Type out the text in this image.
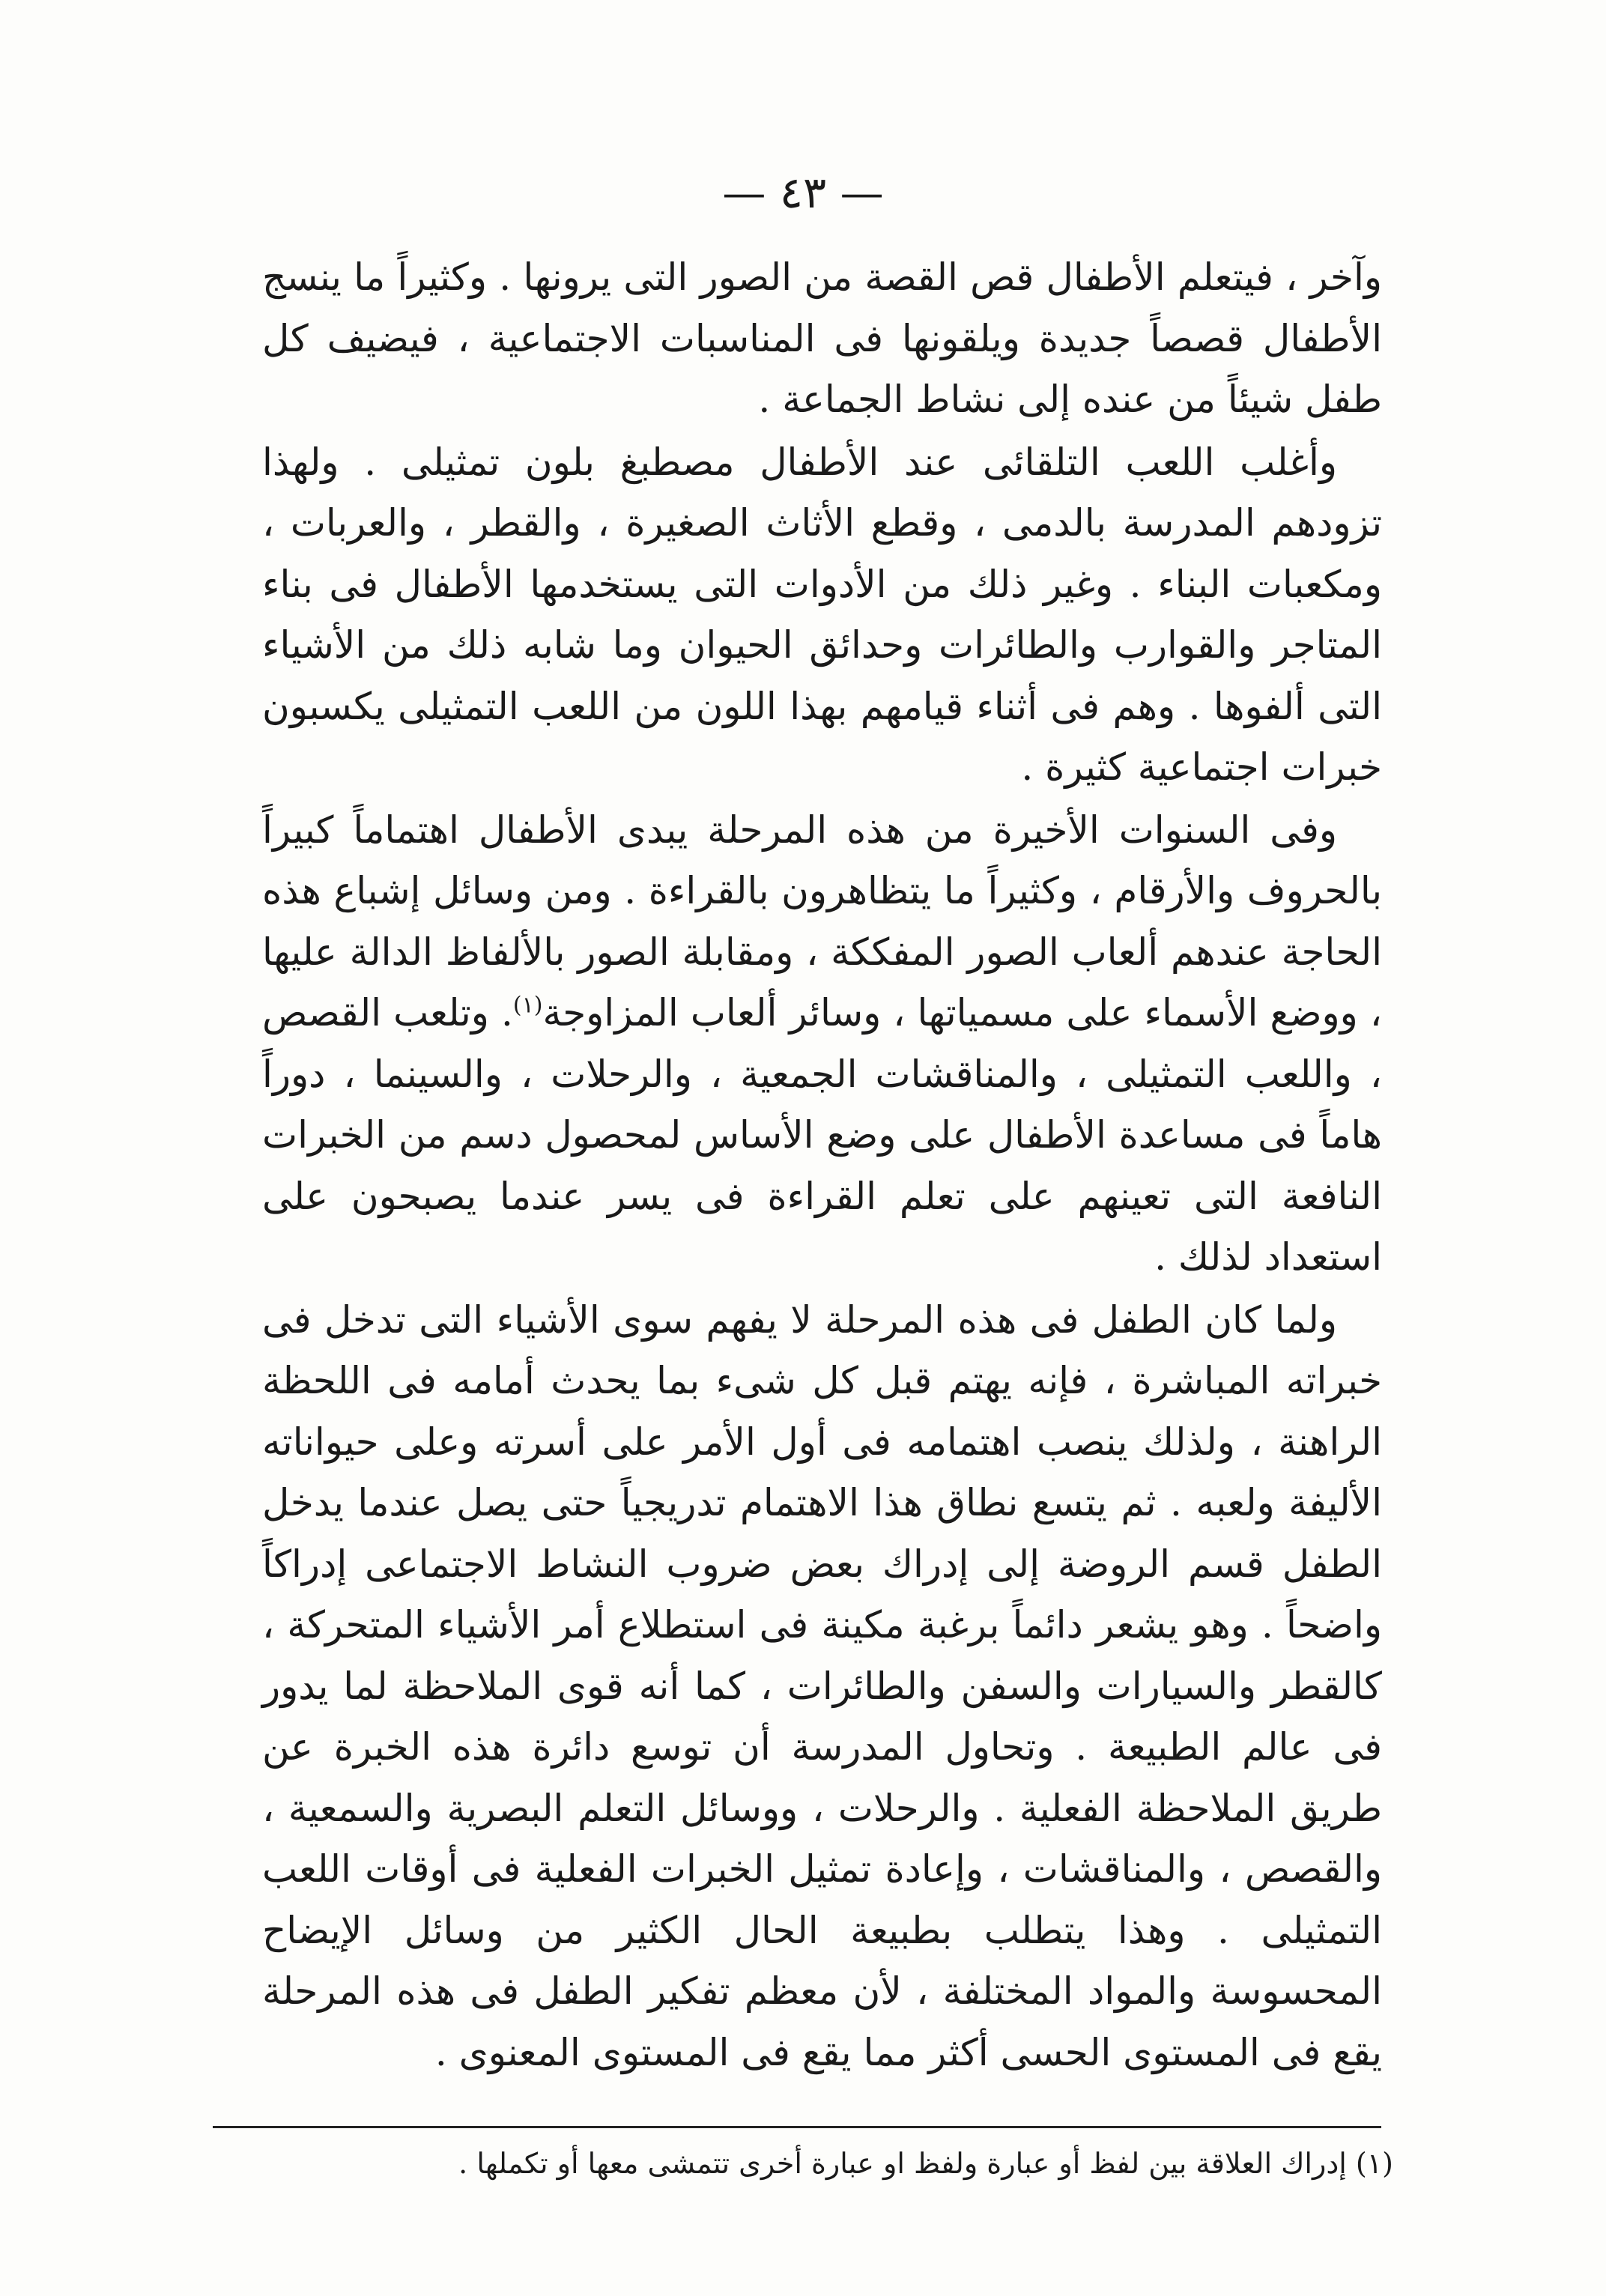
— ٤٣ —

وآخر ، فيتعلم الأطفال قص القصة من الصور التى يرونها . وكثيراً ما ينسج الأطفال قصصاً جديدة ويلقونها فى المناسبات الاجتماعية ، فيضيف كل طفل شيئاً من عنده إلى نشاط الجماعة .

وأغلب اللعب التلقائى عند الأطفال مصطبغ بلون تمثيلى . ولهذا تزودهم المدرسة بالدمى ، وقطع الأثاث الصغيرة ، والقطر ، والعربات ، ومكعبات البناء . وغير ذلك من الأدوات التى يستخدمها الأطفال فى بناء المتاجر والقوارب والطائرات وحدائق الحيوان وما شابه ذلك من الأشياء التى ألفوها . وهم فى أثناء قيامهم بهذا اللون من اللعب التمثيلى يكسبون خبرات اجتماعية كثيرة .

وفى السنوات الأخيرة من هذه المرحلة يبدى الأطفال اهتماماً كبيراً بالحروف والأرقام ، وكثيراً ما يتظاهرون بالقراءة . ومن وسائل إشباع هذه الحاجة عندهم ألعاب الصور المفككة ، ومقابلة الصور بالألفاظ الدالة عليها ، ووضع الأسماء على مسمياتها ، وسائر ألعاب المزاوجة$^{(١)}$. وتلعب القصص ، واللعب التمثيلى ، والمناقشات الجمعية ، والرحلات ، والسينما ، دوراً هاماً فى مساعدة الأطفال على وضع الأساس لمحصول دسم من الخبرات النافعة التى تعينهم على تعلم القراءة فى يسر عندما يصبحون على استعداد لذلك .

ولما كان الطفل فى هذه المرحلة لا يفهم سوى الأشياء التى تدخل فى خبراته المباشرة ، فإنه يهتم قبل كل شىء بما يحدث أمامه فى اللحظة الراهنة ، ولذلك ينصب اهتمامه فى أول الأمر على أسرته وعلى حيواناته الأليفة ولعبه . ثم يتسع نطاق هذا الاهتمام تدريجياً حتى يصل عندما يدخل الطفل قسم الروضة إلى إدراك بعض ضروب النشاط الاجتماعى إدراكاً واضحاً . وهو يشعر دائماً برغبة مكينة فى استطلاع أمر الأشياء المتحركة ، كالقطر والسيارات والسفن والطائرات ، كما أنه قوى الملاحظة لما يدور فى عالم الطبيعة . وتحاول المدرسة أن توسع دائرة هذه الخبرة عن طريق الملاحظة الفعلية . والرحلات ، ووسائل التعلم البصرية والسمعية ، والقصص ، والمناقشات ، وإعادة تمثيل الخبرات الفعلية فى أوقات اللعب التمثيلى . وهذا يتطلب بطبيعة الحال الكثير من وسائل الإيضاح المحسوسة والمواد المختلفة ، لأن معظم تفكير الطفل فى هذه المرحلة يقع فى المستوى الحسى أكثر مما يقع فى المستوى المعنوى .

(١) إدراك العلاقة بين لفظ أو عبارة ولفظ او عبارة أخرى تتمشى معها أو تكملها .
